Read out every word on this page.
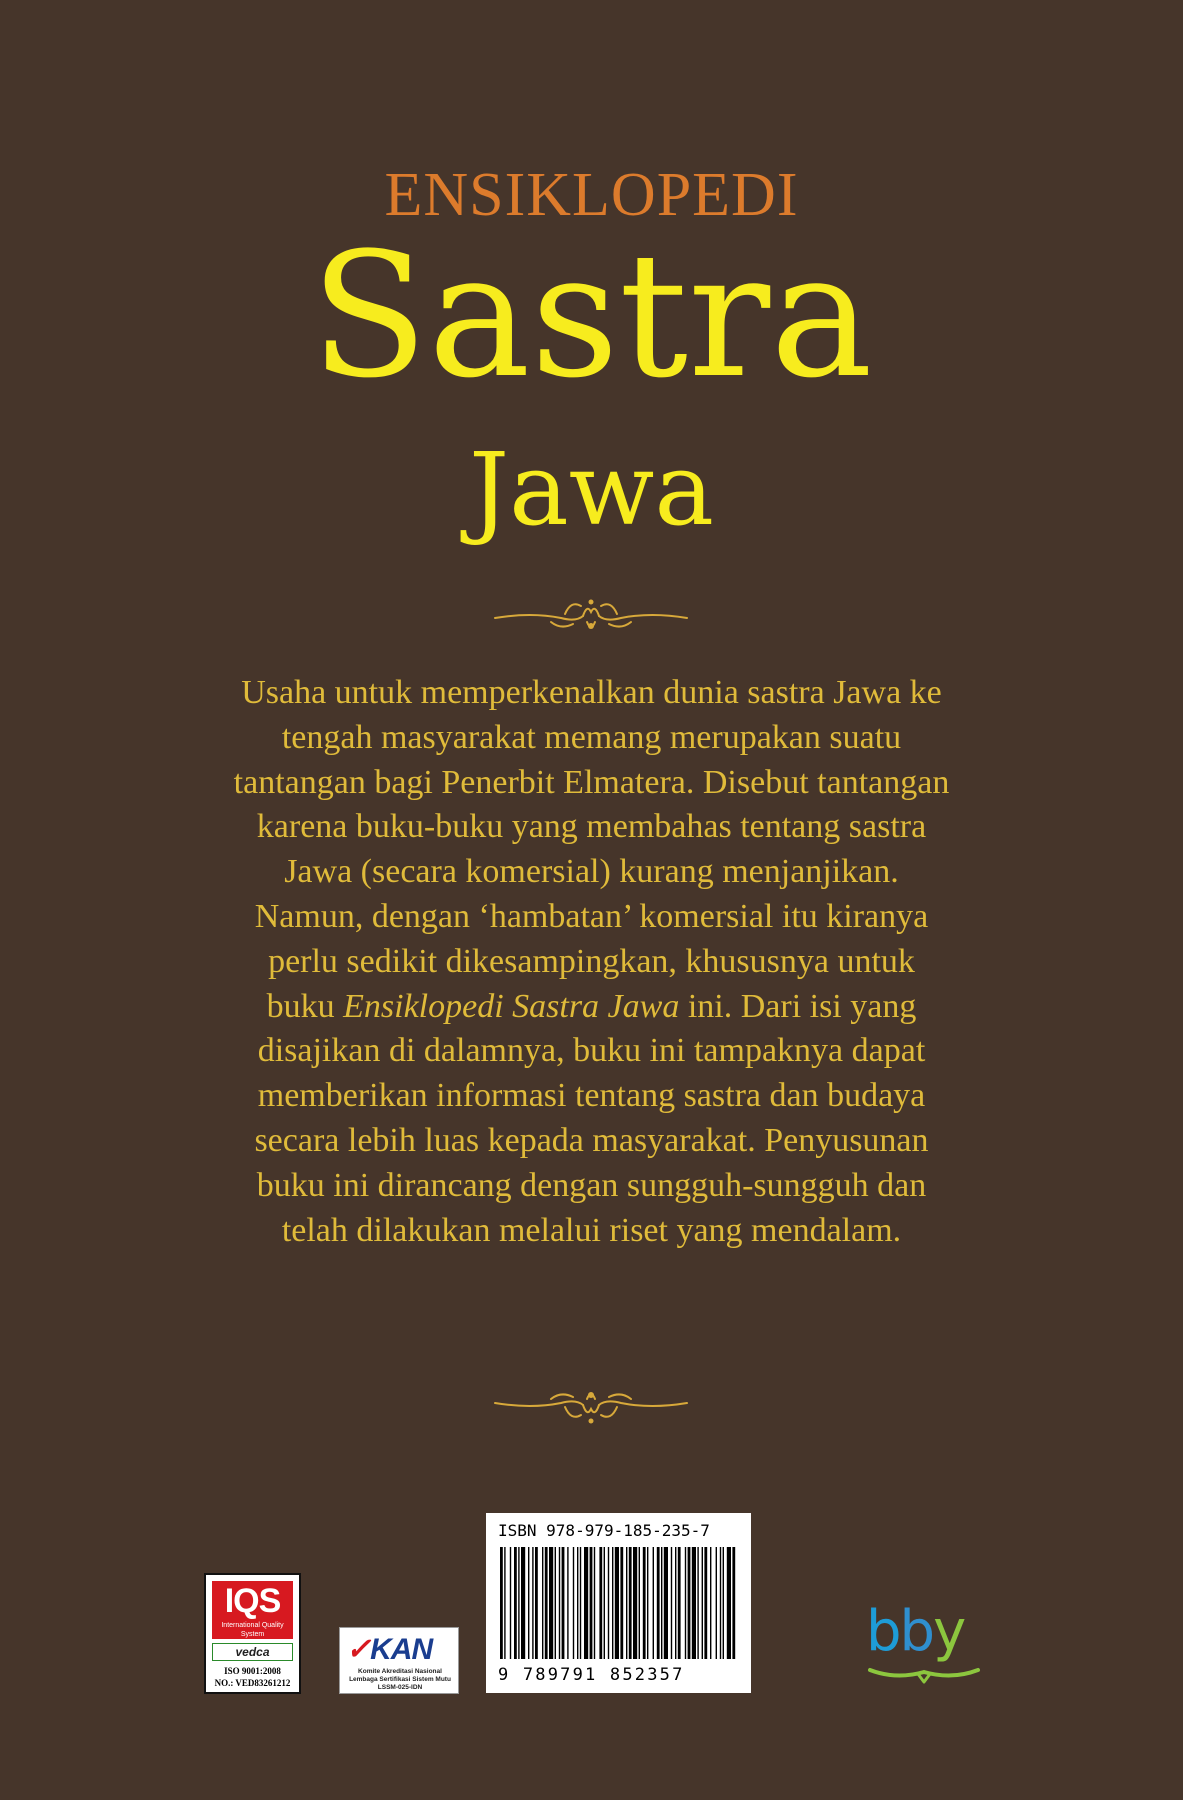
ENSIKLOPEDI
Sastra
Jawa
Usaha untuk memperkenalkan dunia sastra Jawa ke tengah masyarakat memang merupakan suatu tantangan bagi Penerbit Elmatera. Disebut tantangan karena buku-buku yang membahas tentang sastra Jawa (secara komersial) kurang menjanjikan. Namun, dengan ‘hambatan’ komersial itu kiranya perlu sedikit dikesampingkan, khususnya untuk buku Ensiklopedi Sastra Jawa ini. Dari isi yang disajikan di dalamnya, buku ini tampaknya dapat memberikan informasi tentang sastra dan budaya secara lebih luas kepada masyarakat. Penyusunan buku ini dirancang dengan sungguh-sungguh dan telah dilakukan melalui riset yang mendalam.
IQS
International Quality System
vedca
ISO 9001:2008
NO.: VED83261212
✓KAN
Komite Akreditasi Nasional
Lembaga Sertifikasi Sistem Mutu
LSSM-025-IDN
ISBN 978-979-185-235-7
9 789791 852357
bby
